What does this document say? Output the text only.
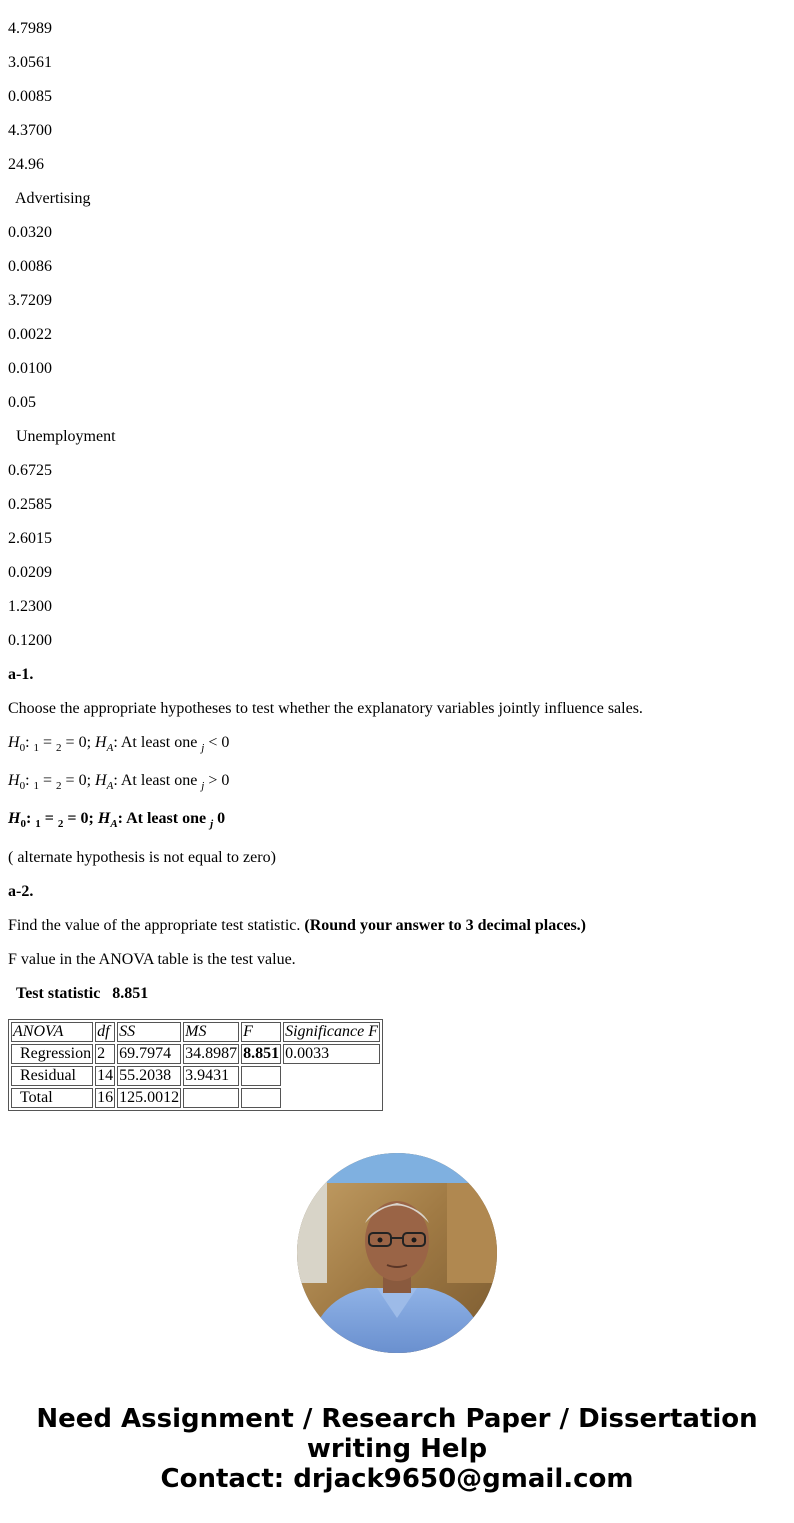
4.7989

3.0561

0.0085

4.3700

24.96

Advertising

0.0320

0.0086

3.7209

0.0022

0.0100

0.05

Unemployment

0.6725

0.2585

2.6015

0.0209

1.2300

0.1200

a-1.

Choose the appropriate hypotheses to test whether the explanatory variables jointly influence sales.

$H_0$: $_1$ = $_2$ = 0; $H_A$: At least one $_j$ < 0

$H_0$: $_1$ = $_2$ = 0; $H_A$: At least one $_j$ > 0

$H_0$: $_1$ = $_2$ = 0; $H_A$: At least one $_j$ 0

( alternate hypothesis is not equal to zero)

a-2.

Find the value of the appropriate test statistic. (Round your answer to 3 decimal places.)

F value in the ANOVA table is the test value.

Test statistic 8.851

ANOVA	df	SS	MS	F	Significance F
Regression	2	69.7974	34.8987	8.851	0.0033
Residual	14	55.2038	3.9431		
Total	16	125.0012			
Need Assignment / Research Paper / Dissertation
writing Help
Contact: drjack9650@gmail.com
